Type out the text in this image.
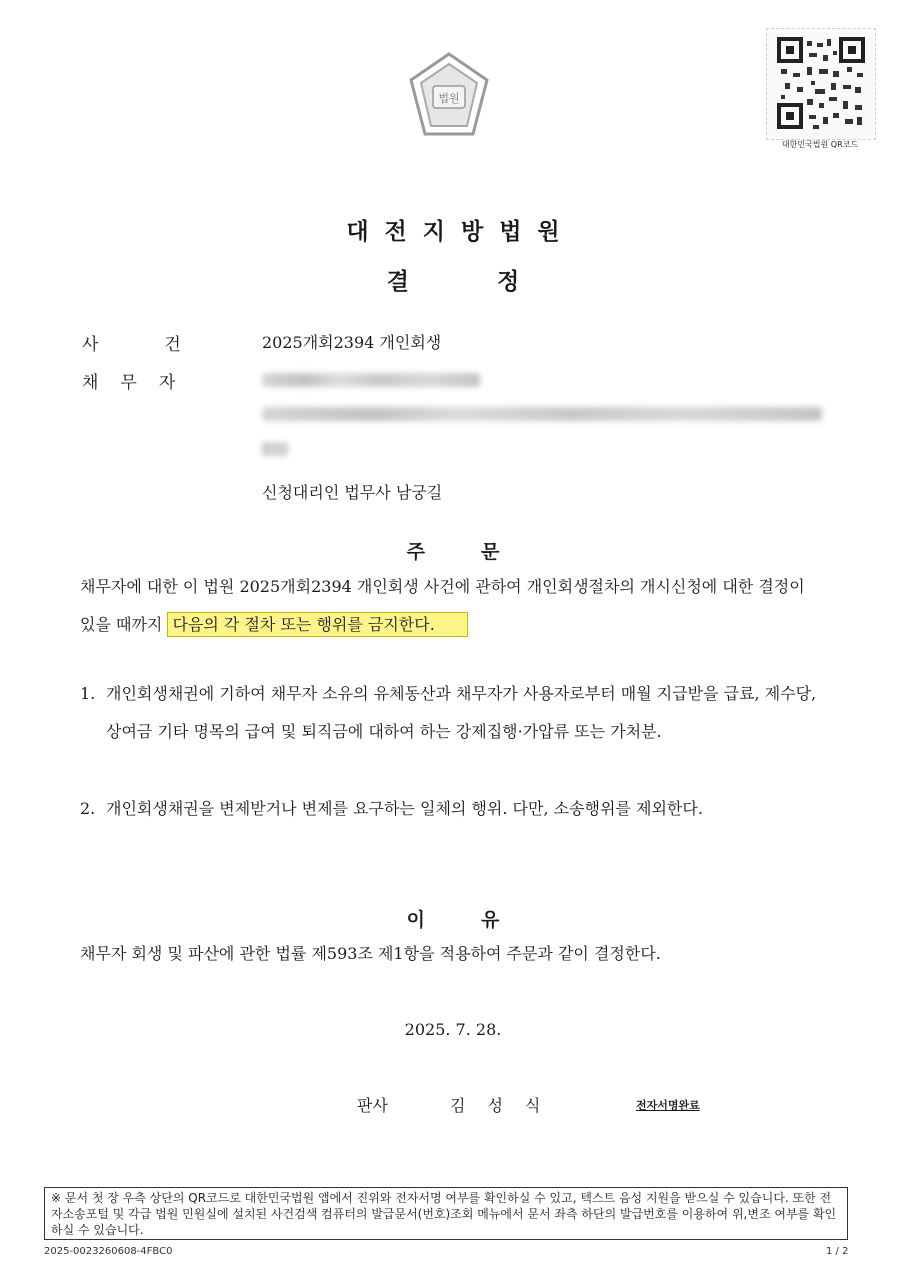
법원
대한민국법원 QR코드
대전지방법원
결정
사건 2025개회2394 개인회생
채무자
신청대리인 법무사 남궁길
주문
채무자에 대한 이 법원 2025개회2394 개인회생 사건에 관하여 개인회생절차의 개시신청에 대한 결정이 있을 때까지 다음의 각 절차 또는 행위를 금지한다.
1. 개인회생채권에 기하여 채무자 소유의 유체동산과 채무자가 사용자로부터 매월 지급받을 급료, 제수당, 상여금 기타 명목의 급여 및 퇴직금에 대하여 하는 강제집행·가압류 또는 가처분.
2. 개인회생채권을 변제받거나 변제를 요구하는 일체의 행위. 다만, 소송행위를 제외한다.
이유
채무자 회생 및 파산에 관한 법률 제593조 제1항을 적용하여 주문과 같이 결정한다.
2025. 7. 28.
판사	김성식	전자서명완료
※ 문서 첫 장 우측 상단의 QR코드로 대한민국법원 앱에서 진위와 전자서명 여부를 확인하실 수 있고, 텍스트 음성 지원을 받으실 수 있습니다. 또한 전자소송포털 및 각급 법원 민원실에 설치된 사건검색 컴퓨터의 발급문서(번호)조회 메뉴에서 문서 좌측 하단의 발급번호를 이용하여 위,변조 여부를 확인하실 수 있습니다.
2025-0023260608-4FBC0	1 / 2
